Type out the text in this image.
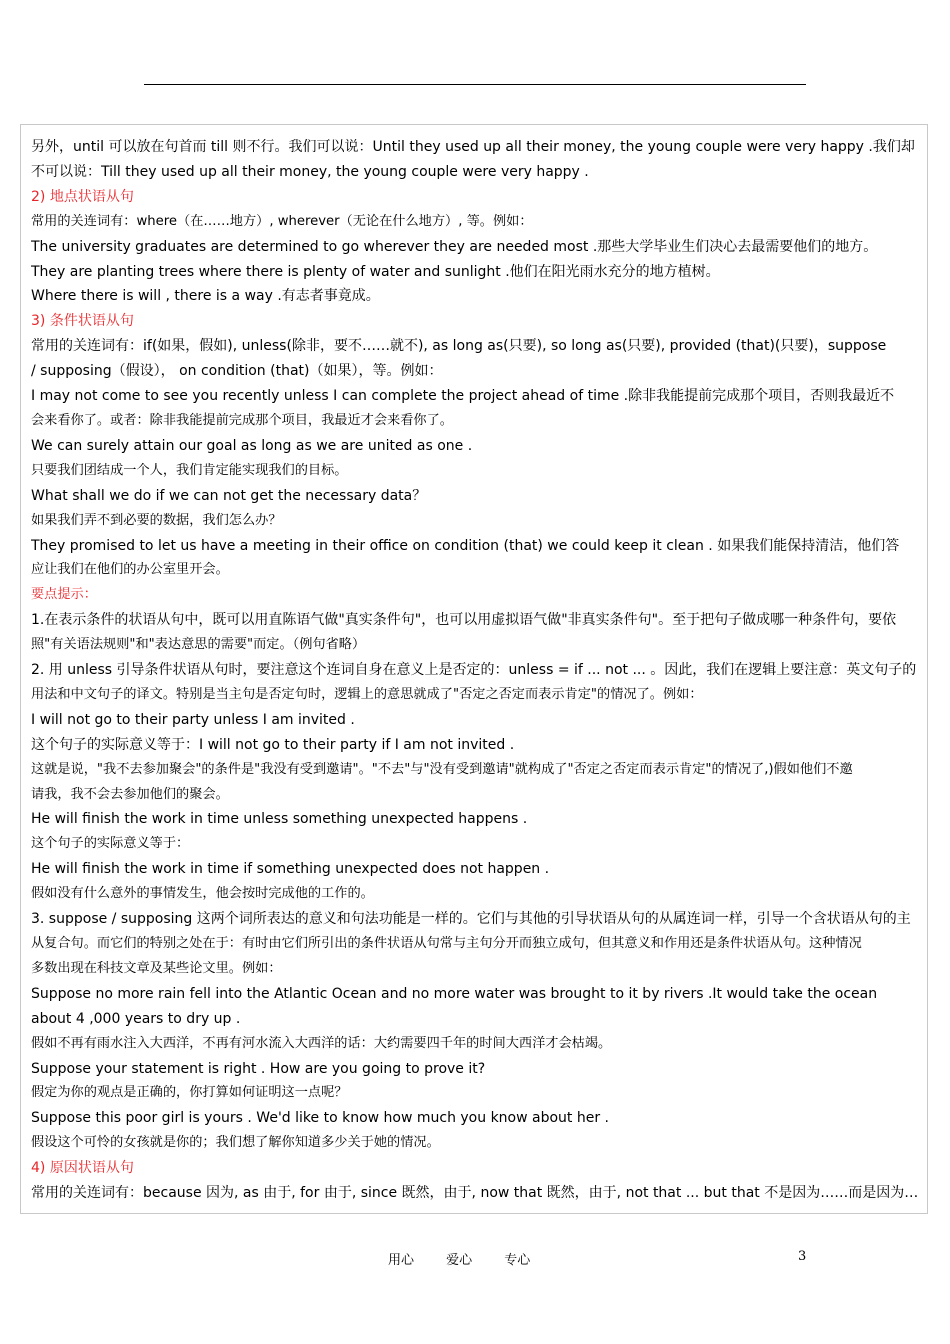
另外，until 可以放在句首而 till 则不行。我们可以说：Until they used up all their money, the young couple were very happy .我们却
不可以说：Till they used up all their money, the young couple were very happy .
2) 地点状语从句
常用的关连词有：where（在……地方）, wherever（无论在什么地方）, 等。例如：
The university graduates are determined to go wherever they are needed most .那些大学毕业生们决心去最需要他们的地方。
They are planting trees where there is plenty of water and sunlight .他们在阳光雨水充分的地方植树。
Where there is will , there is a way .有志者事竟成。
3) 条件状语从句
常用的关连词有：if(如果，假如), unless(除非，要不……就不), as long as(只要), so long as(只要), provided (that)(只要)，suppose
/ supposing（假设）， on condition (that)（如果），等。例如：
I may not come to see you recently unless I can complete the project ahead of time .除非我能提前完成那个项目，否则我最近不
会来看你了。或者：除非我能提前完成那个项目，我最近才会来看你了。
We can surely attain our goal as long as we are united as one .
只要我们团结成一个人，我们肯定能实现我们的目标。
What shall we do if we can not get the necessary data？
如果我们弄不到必要的数据，我们怎么办？
They promised to let us have a meeting in their office on condition (that) we could keep it clean . 如果我们能保持清洁，他们答
应让我们在他们的办公室里开会。
要点提示：
1.在表示条件的状语从句中，既可以用直陈语气做"真实条件句"，也可以用虚拟语气做"非真实条件句"。至于把句子做成哪一种条件句，要依
照"有关语法规则"和"表达意思的需要"而定。（例句省略）
2. 用 unless 引导条件状语从句时，要注意这个连词自身在意义上是否定的：unless = if ... not ... 。因此，我们在逻辑上要注意：英文句子的
用法和中文句子的译文。特别是当主句是否定句时，逻辑上的意思就成了"否定之否定而表示肯定"的情况了。例如：
I will not go to their party unless I am invited .
这个句子的实际意义等于：I will not go to their party if I am not invited .
这就是说，"我不去参加聚会"的条件是"我没有受到邀请"。"不去"与"没有受到邀请"就构成了"否定之否定而表示肯定"的情况了,)假如他们不邀
请我，我不会去参加他们的聚会。
He will finish the work in time unless something unexpected happens .
这个句子的实际意义等于：
He will finish the work in time if something unexpected does not happen .
假如没有什么意外的事情发生，他会按时完成他的工作的。
3. suppose / supposing 这两个词所表达的意义和句法功能是一样的。它们与其他的引导状语从句的从属连词一样，引导一个含状语从句的主
从复合句。而它们的特别之处在于：有时由它们所引出的条件状语从句常与主句分开而独立成句，但其意义和作用还是条件状语从句。这种情况
多数出现在科技文章及某些论文里。例如：
Suppose no more rain fell into the Atlantic Ocean and no more water was brought to it by rivers .It would take the ocean
about 4 ,000 years to dry up .
假如不再有雨水注入大西洋，不再有河水流入大西洋的话：大约需要四千年的时间大西洋才会枯竭。
Suppose your statement is right . How are you going to prove it?
假定为你的观点是正确的，你打算如何证明这一点呢？
Suppose this poor girl is yours . We'd like to know how much you know about her .
假设这个可怜的女孩就是你的；我们想了解你知道多少关于她的情况。
4) 原因状语从句
常用的关连词有：because 因为, as 由于, for 由于, since 既然，由于, now that 既然，由于, not that ... but that 不是因为……而是因为…
用心 爱心 专心	3
